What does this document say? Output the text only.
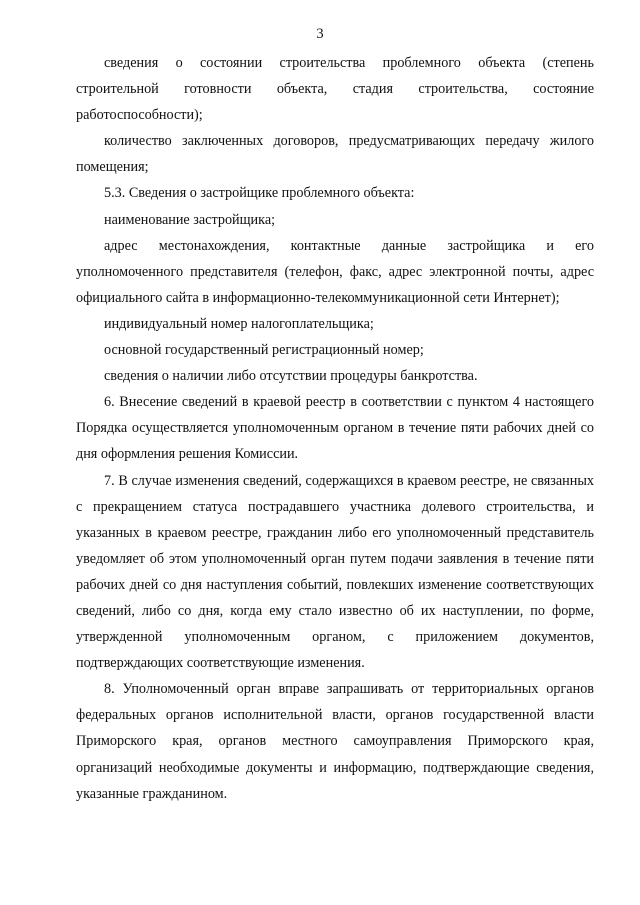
3

сведения о состоянии строительства проблемного объекта (степень строительной готовности объекта, стадия строительства, состояние работоспособности);

количество заключенных договоров, предусматривающих передачу жилого помещения;

5.3. Сведения о застройщике проблемного объекта:

наименование застройщика;

адрес местонахождения, контактные данные застройщика и его уполномоченного представителя (телефон, факс, адрес электронной почты, адрес официального сайта в информационно-телекоммуникационной сети Интернет);

индивидуальный номер налогоплательщика;

основной государственный регистрационный номер;

сведения о наличии либо отсутствии процедуры банкротства.

6. Внесение сведений в краевой реестр в соответствии с пунктом 4 настоящего Порядка осуществляется уполномоченным органом в течение пяти рабочих дней со дня оформления решения Комиссии.

7. В случае изменения сведений, содержащихся в краевом реестре, не связанных с прекращением статуса пострадавшего участника долевого строительства, и указанных в краевом реестре, гражданин либо его уполномоченный представитель уведомляет об этом уполномоченный орган путем подачи заявления в течение пяти рабочих дней со дня наступления событий, повлекших изменение соответствующих сведений, либо со дня, когда ему стало известно об их наступлении, по форме, утвержденной уполномоченным органом, с приложением документов, подтверждающих соответствующие изменения.

8. Уполномоченный орган вправе запрашивать от территориальных органов федеральных органов исполнительной власти, органов государственной власти Приморского края, органов местного самоуправления Приморского края, организаций необходимые документы и информацию, подтверждающие сведения, указанные гражданином.
